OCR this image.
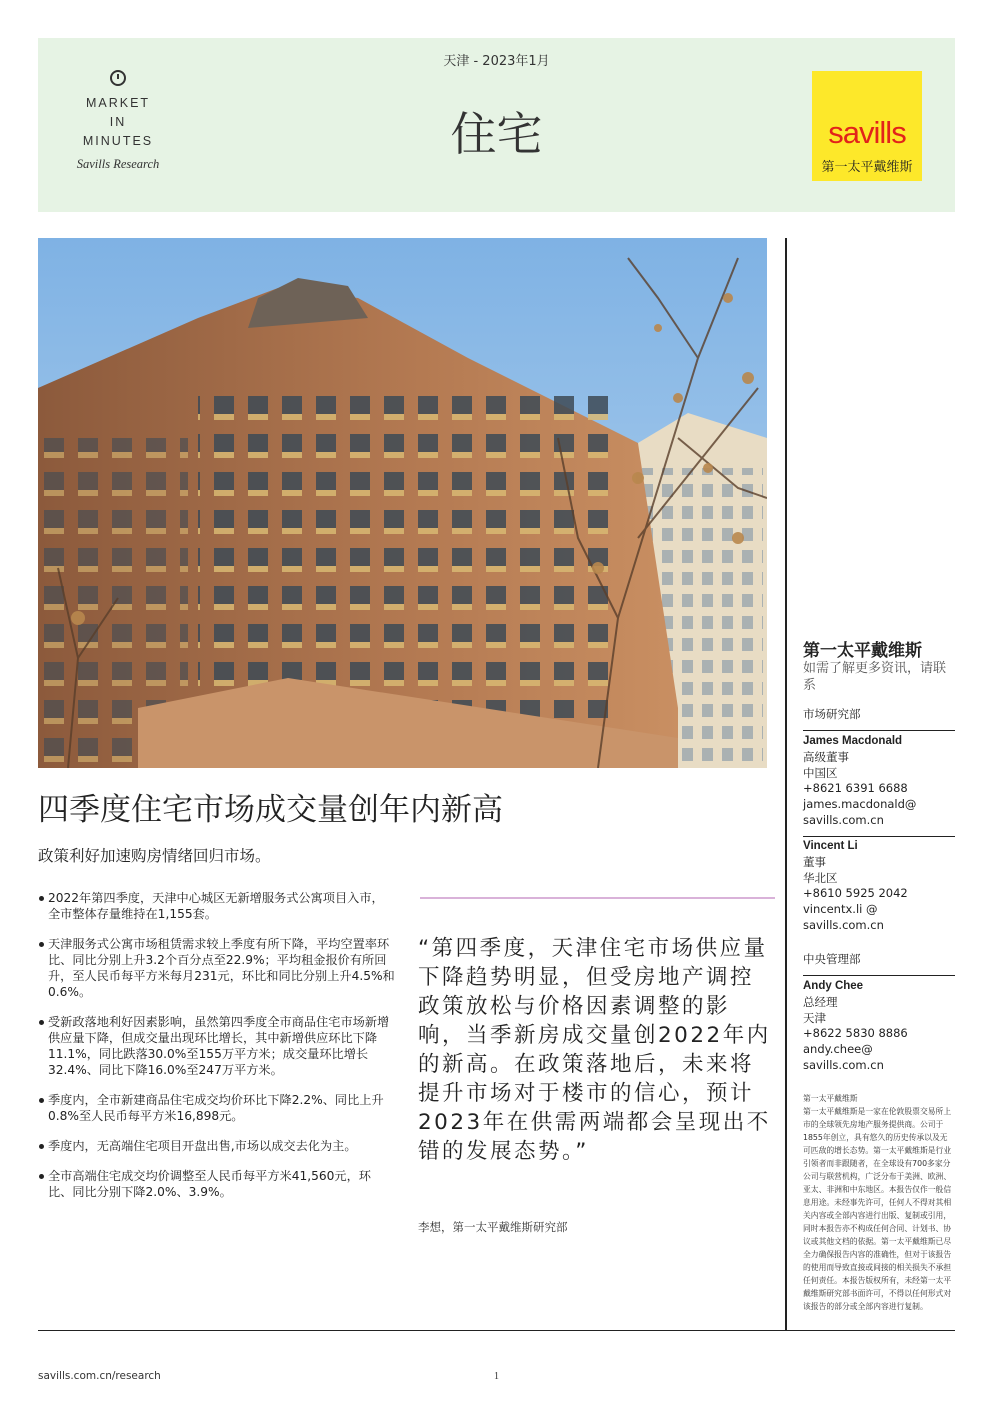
MARKET
IN
MINUTES
Savills Research
天津 - 2023年1月
住宅	savills
第一太平戴维斯
四季度住宅市场成交量创年内新高
政策利好加速购房情绪回归市场。
2022年第四季度，天津中心城区无新增服务式公寓项目入市，全市整体存量维持在1,155套。
天津服务式公寓市场租赁需求较上季度有所下降，平均空置率环比、同比分别上升3.2个百分点至22.9%；平均租金报价有所回升，至人民币每平方米每月231元，环比和同比分别上升4.5%和0.6%。
受新政落地利好因素影响，虽然第四季度全市商品住宅市场新增供应量下降，但成交量出现环比增长，其中新增供应环比下降11.1%，同比跌落30.0%至155万平方米；成交量环比增长32.4%、同比下降16.0%至247万平方米。
季度内，全市新建商品住宅成交均价环比下降2.2%、同比上升0.8%至人民币每平方米16,898元。
季度内，无高端住宅项目开盘出售,市场以成交去化为主。
全市高端住宅成交均价调整至人民币每平方米41,560元，环比、同比分别下降2.0%、3.9%。

“第四季度，天津住宅市场供应量下降趋势明显，但受房地产调控政策放松与价格因素调整的影响，当季新房成交量创2022年内的新高。在政策落地后，未来将提升市场对于楼市的信心，预计2023年在供需两端都会呈现出不错的发展态势。”

李想，第一太平戴维斯研究部
第一太平戴维斯
如需了解更多资讯，请联系
市场研究部
James Macdonald
高级董事
中国区
+8621 6391 6688
james.macdonald@
savills.com.cn
Vincent Li
董事
华北区
+8610 5925 2042
vincentx.li @
savills.com.cn
中央管理部
Andy Chee
总经理
天津
+8622 5830 8886
andy.chee@
savills.com.cn
第一太平戴维斯
第一太平戴维斯是一家在伦敦股票交易所上市的全球领先房地产服务提供商。公司于1855年创立，具有悠久的历史传承以及无可匹敌的增长态势。第一太平戴维斯是行业引领者而非跟随者，在全球设有700多家分公司与联营机构，广泛分布于美洲、欧洲、亚太、非洲和中东地区。本报告仅作一般信息用途。未经事先许可，任何人不得对其相关内容或全部内容进行出版、复制或引用，同时本报告亦不构成任何合同、计划书、协议或其他文档的依据。第一太平戴维斯已尽全力确保报告内容的准确性，但对于该报告的使用而导致直接或间接的相关损失不承担任何责任。本报告版权所有，未经第一太平戴维斯研究部书面许可，不得以任何形式对该报告的部分或全部内容进行复制。
savills.com.cn/research	1
